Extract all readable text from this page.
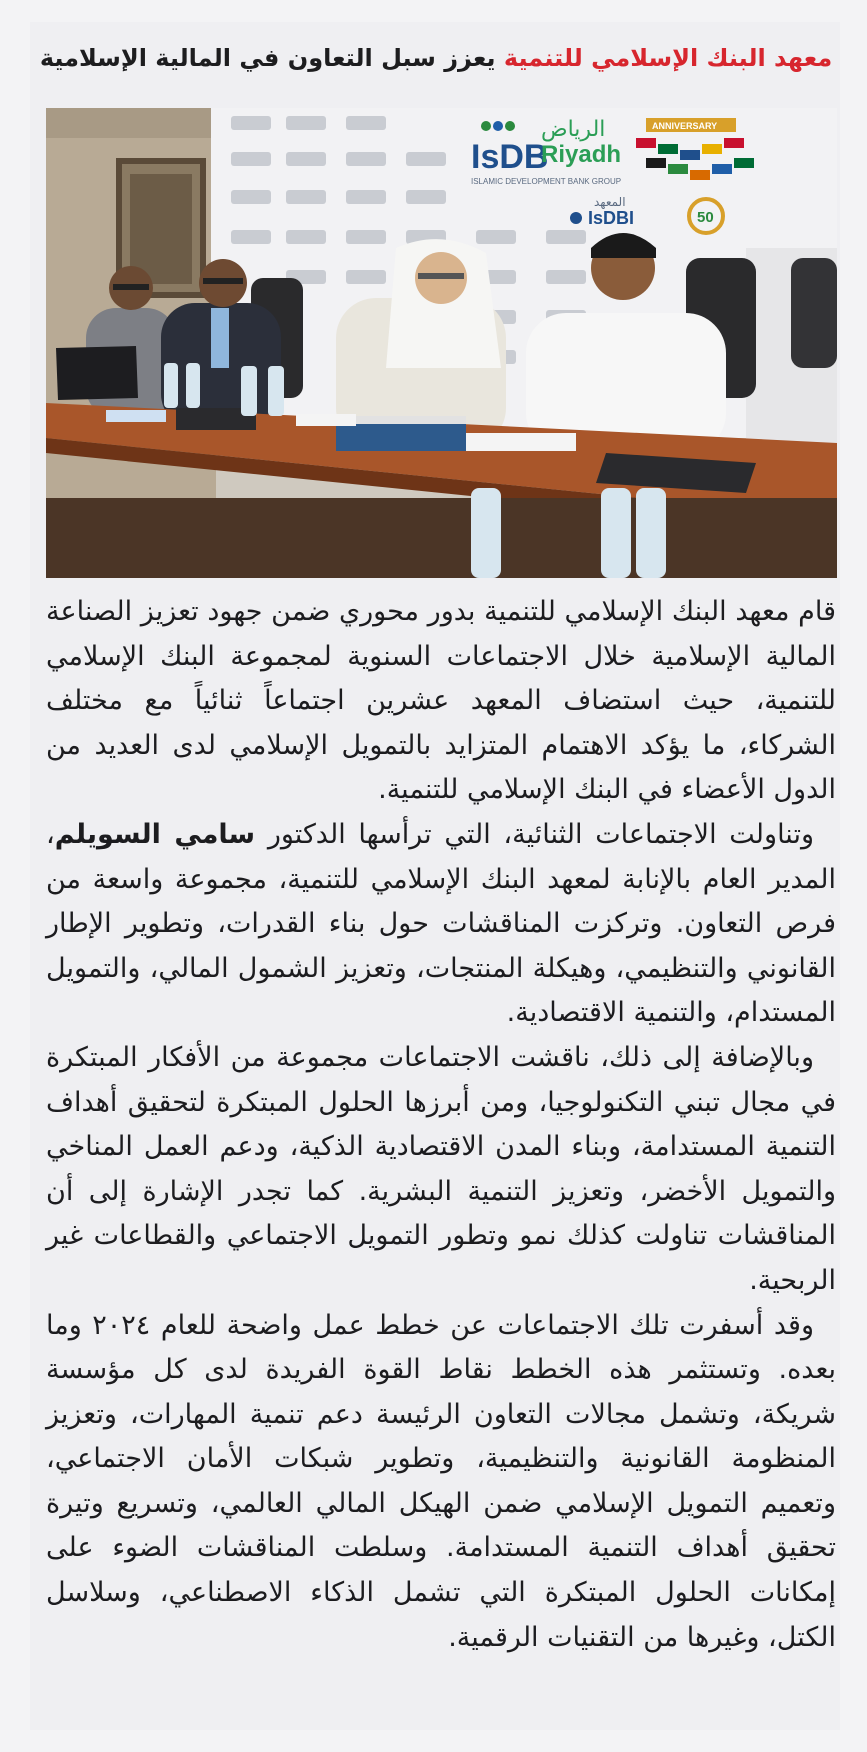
معهد البنك الإسلامي للتنمية يعزز سبل التعاون في المالية الإسلامية
IsDB
ISLAMIC DEVELOPMENT BANK GROUP
الرياض
Riyadh
ANNIVERSARY
IsDBI
المعهد
50

قام معهد البنك الإسلامي للتنمية بدور محوري ضمن جهود تعزيز الصناعة المالية الإسلامية خلال الاجتماعات السنوية لمجموعة البنك الإسلامي للتنمية، حيث استضاف المعهد عشرين اجتماعاً ثنائياً مع مختلف الشركاء، ما يؤكد الاهتمام المتزايد بالتمويل الإسلامي لدى العديد من الدول الأعضاء في البنك الإسلامي للتنمية.

وتناولت الاجتماعات الثنائية، التي ترأسها الدكتور سامي السويلم، المدير العام بالإنابة لمعهد البنك الإسلامي للتنمية، مجموعة واسعة من فرص التعاون. وتركزت المناقشات حول بناء القدرات، وتطوير الإطار القانوني والتنظيمي، وهيكلة المنتجات، وتعزيز الشمول المالي، والتمويل المستدام، والتنمية الاقتصادية.

وبالإضافة إلى ذلك، ناقشت الاجتماعات مجموعة من الأفكار المبتكرة في مجال تبني التكنولوجيا، ومن أبرزها الحلول المبتكرة لتحقيق أهداف التنمية المستدامة، وبناء المدن الاقتصادية الذكية، ودعم العمل المناخي والتمويل الأخضر، وتعزيز التنمية البشرية. كما تجدر الإشارة إلى أن المناقشات تناولت كذلك نمو وتطور التمويل الاجتماعي والقطاعات غير الربحية.

وقد أسفرت تلك الاجتماعات عن خطط عمل واضحة للعام ٢٠٢٤ وما بعده. وتستثمر هذه الخطط نقاط القوة الفريدة لدى كل مؤسسة شريكة، وتشمل مجالات التعاون الرئيسة دعم تنمية المهارات، وتعزيز المنظومة القانونية والتنظيمية، وتطوير شبكات الأمان الاجتماعي، وتعميم التمويل الإسلامي ضمن الهيكل المالي العالمي، وتسريع وتيرة تحقيق أهداف التنمية المستدامة. وسلطت المناقشات الضوء على إمكانات الحلول المبتكرة التي تشمل الذكاء الاصطناعي، وسلاسل الكتل، وغيرها من التقنيات الرقمية.
